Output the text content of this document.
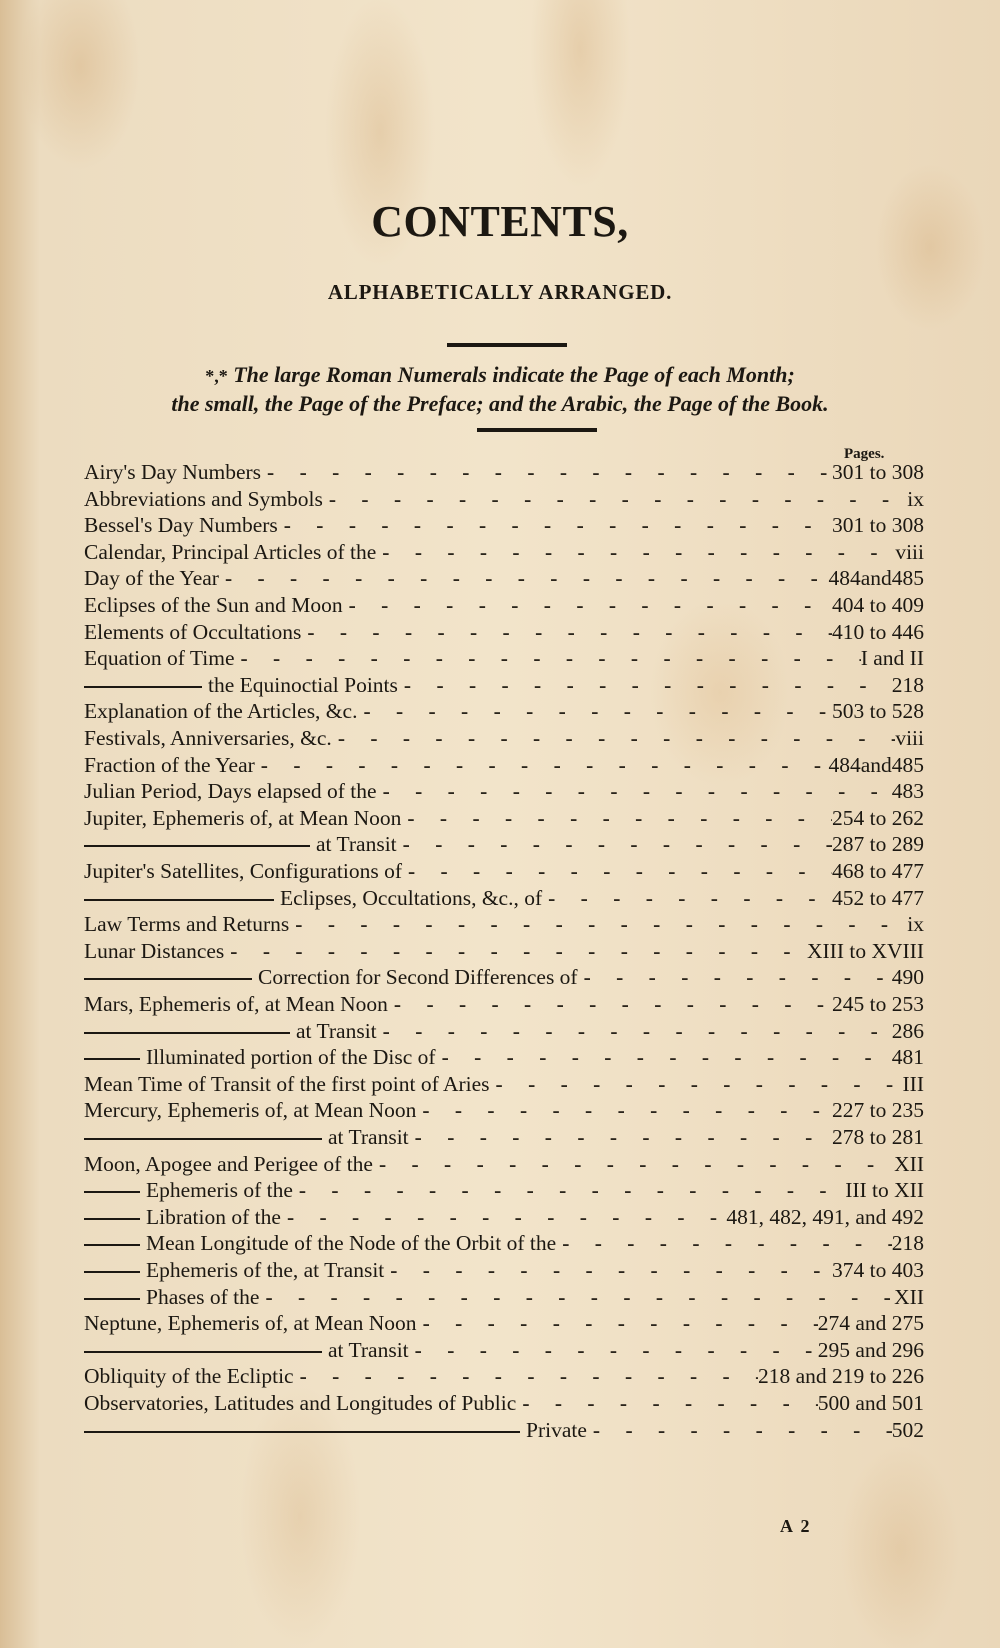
CONTENTS,
ALPHABETICALLY ARRANGED.
*,* The large Roman Numerals indicate the Page of each Month;
the small, the Page of the Preface; and the Arabic, the Page of the Book.
Pages.
Airy's Day Numbers - - -	301 to 308
Abbreviations and Symbols - - -	ix
Bessel's Day Numbers - - -	301 to 308
Calendar, Principal Articles of the - - -	viii
Day of the Year - - -	484and485
Eclipses of the Sun and Moon - - -	404 to 409
Elements of Occultations - - -	410 to 446
Equation of Time - - -	I and II
the Equinoctial Points - - -	218
Explanation of the Articles, &c. - - -	503 to 528
Festivals, Anniversaries, &c. - - -	viii
Fraction of the Year - - -	484and485
Julian Period, Days elapsed of the - - -	483
Jupiter, Ephemeris of, at Mean Noon - - -	254 to 262
at Transit - - -	287 to 289
Jupiter's Satellites, Configurations of - - -	468 to 477
Eclipses, Occultations, &c., of - - -	452 to 477
Law Terms and Returns - - -	ix
Lunar Distances - - -	XIII to XVIII
Correction for Second Differences of - - -	490
Mars, Ephemeris of, at Mean Noon - - -	245 to 253
at Transit - - -	286
Illuminated portion of the Disc of - - -	481
Mean Time of Transit of the first point of Aries - - -	III
Mercury, Ephemeris of, at Mean Noon - - -	227 to 235
at Transit - - -	278 to 281
Moon, Apogee and Perigee of the - - -	XII
Ephemeris of the - - -	III to XII
Libration of the - - -	481, 482, 491, and 492
Mean Longitude of the Node of the Orbit of the - - -	218
Ephemeris of the, at Transit - - -	374 to 403
Phases of the - - -	XII
Neptune, Ephemeris of, at Mean Noon - - -	274 and 275
at Transit - - -	295 and 296
Obliquity of the Ecliptic - - -	218 and 219 to 226
Observatories, Latitudes and Longitudes of Public - - -	500 and 501
Private - - -	502
A 2
